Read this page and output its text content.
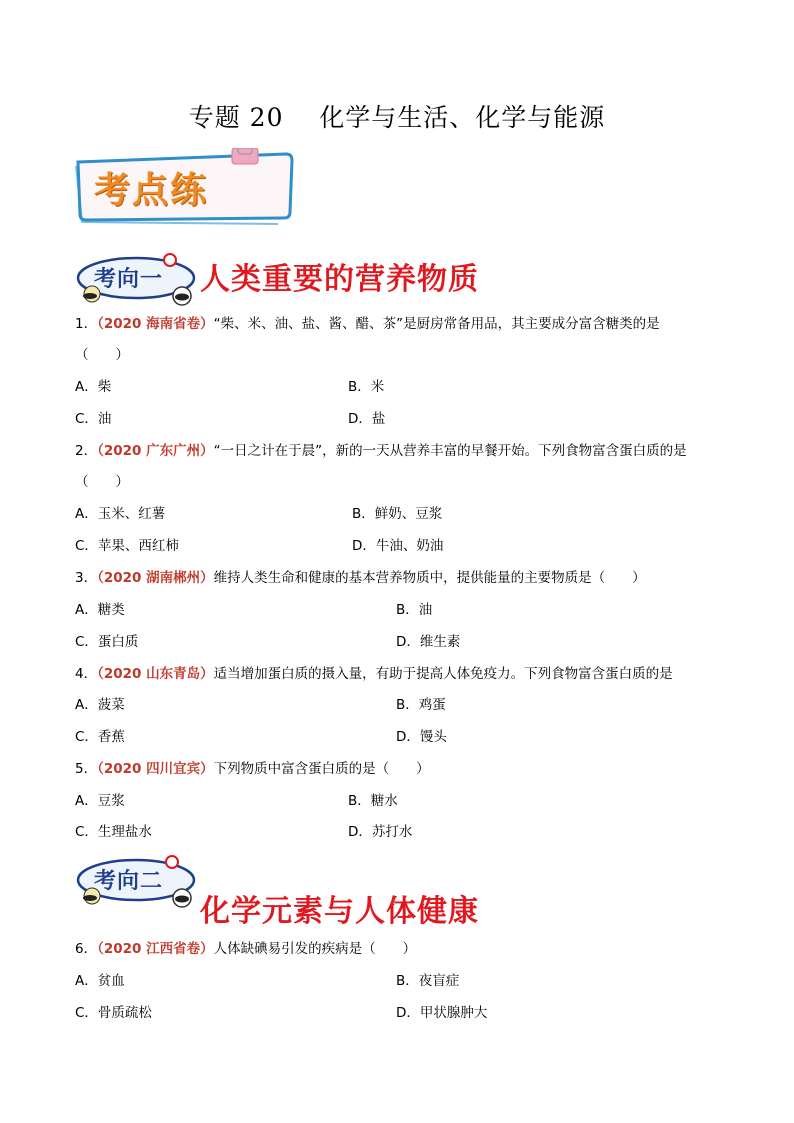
专题 20    化学与生活、化学与能源
考点练
考向一 人类重要的营养物质
1．（2020 海南省卷）“柴、米、油、盐、酱、醋、茶”是厨房常备用品，其主要成分富含糖类的是
（　　）
A．柴	B．米
C．油	D．盐
2．（2020 广东广州）“一日之计在于晨”，新的一天从营养丰富的早餐开始。下列食物富含蛋白质的是
（　　）
A．玉米、红薯	B．鲜奶、豆浆
C．苹果、西红柿	D．牛油、奶油
3．（2020 湖南郴州）维持人类生命和健康的基本营养物质中，提供能量的主要物质是（　　）
A．糖类	B．油
C．蛋白质	D．维生素
4．（2020 山东青岛）适当增加蛋白质的摄入量，有助于提高人体免疫力。下列食物富含蛋白质的是
A．菠菜	B．鸡蛋
C．香蕉	D．馒头
5．（2020 四川宜宾）下列物质中富含蛋白质的是（　　）
A．豆浆	B．糖水
C．生理盐水	D．苏打水
考向二
化学元素与人体健康
6．（2020 江西省卷）人体缺碘易引发的疾病是（　　）
A．贫血	B．夜盲症
C．骨质疏松	D．甲状腺肿大
